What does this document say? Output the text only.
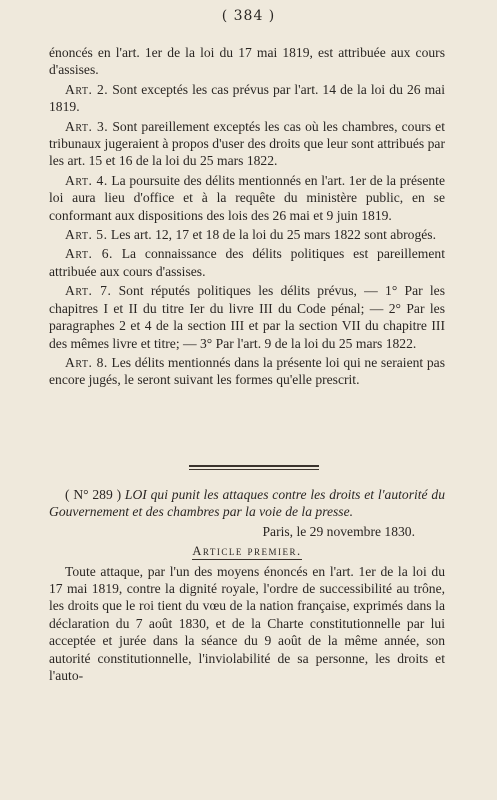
( 384 )

énoncés en l'art. 1er de la loi du 17 mai 1819, est attribuée aux cours d'assises.

Art. 2. Sont exceptés les cas prévus par l'art. 14 de la loi du 26 mai 1819.

Art. 3. Sont pareillement exceptés les cas où les chambres, cours et tribunaux jugeraient à propos d'user des droits que leur sont attribués par les art. 15 et 16 de la loi du 25 mars 1822.

Art. 4. La poursuite des délits mentionnés en l'art. 1er de la présente loi aura lieu d'office et à la requête du ministère public, en se conformant aux dispositions des lois des 26 mai et 9 juin 1819.

Art. 5. Les art. 12, 17 et 18 de la loi du 25 mars 1822 sont abrogés.

Art. 6. La connaissance des délits politiques est pareillement attribuée aux cours d'assises.

Art. 7. Sont réputés politiques les délits prévus, — 1° Par les chapitres I et II du titre Ier du livre III du Code pénal; — 2° Par les paragraphes 2 et 4 de la section III et par la section VII du chapitre III des mêmes livre et titre; — 3° Par l'art. 9 de la loi du 25 mars 1822.

Art. 8. Les délits mentionnés dans la présente loi qui ne seraient pas encore jugés, le seront suivant les formes qu'elle prescrit.

( N° 289 ) LOI qui punit les attaques contre les droits et l'autorité du Gouvernement et des chambres par la voie de la presse.

Paris, le 29 novembre 1830.
Article premier.

Toute attaque, par l'un des moyens énoncés en l'art. 1er de la loi du 17 mai 1819, contre la dignité royale, l'ordre de successibilité au trône, les droits que le roi tient du vœu de la nation française, exprimés dans la déclaration du 7 août 1830, et de la Charte constitutionnelle par lui acceptée et jurée dans la séance du 9 août de la même année, son autorité constitutionnelle, l'inviolabilité de sa personne, les droits et l'auto-
